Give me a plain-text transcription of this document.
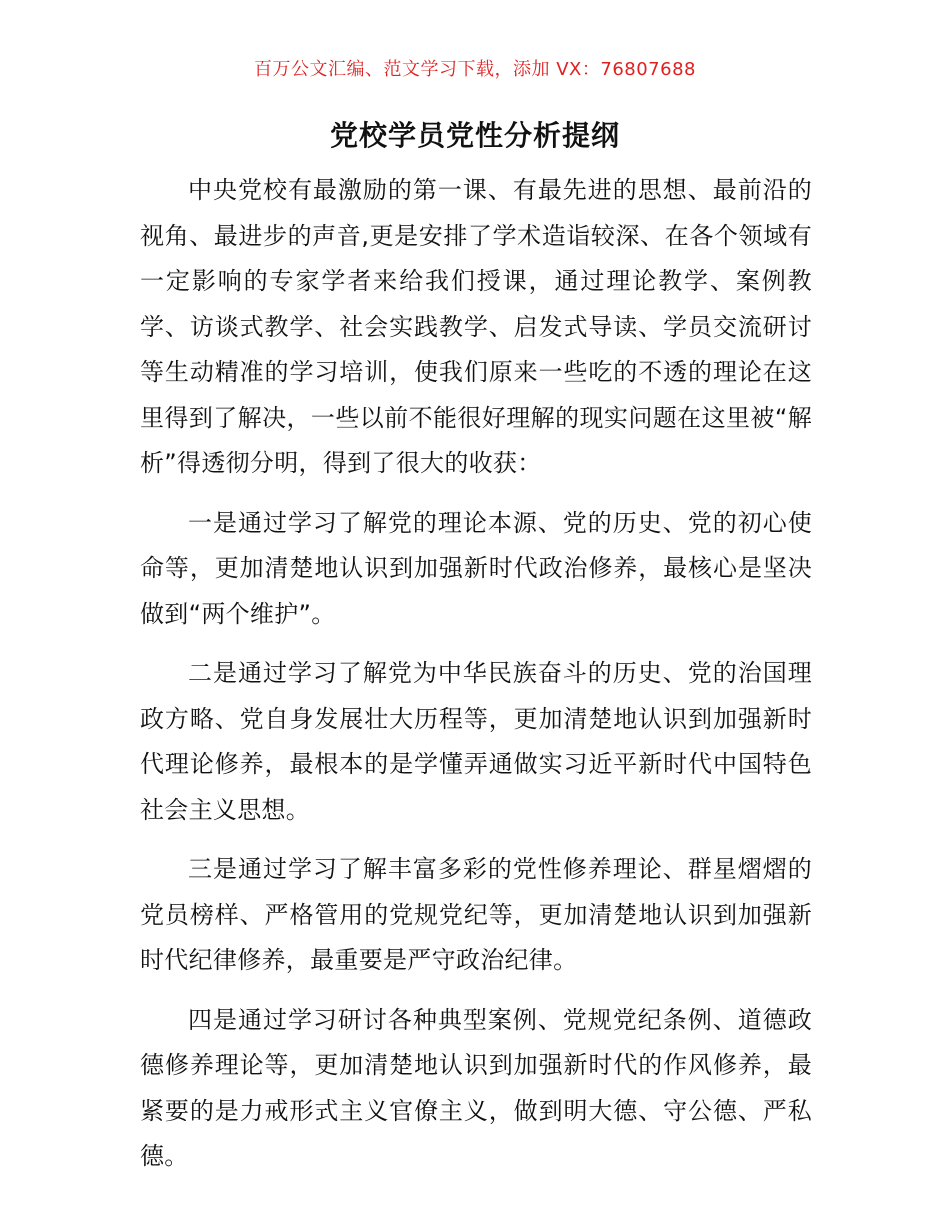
百万公文汇编、范文学习下载，添加 VX：76807688
党校学员党性分析提纲

中央党校有最激励的第一课、有最先进的思想、最前沿的视角、最进步的声音,更是安排了学术造诣较深、在各个领域有一定影响的专家学者来给我们授课，通过理论教学、案例教学、访谈式教学、社会实践教学、启发式导读、学员交流研讨等生动精准的学习培训，使我们原来一些吃的不透的理论在这里得到了解决，一些以前不能很好理解的现实问题在这里被“解析”得透彻分明，得到了很大的收获：

一是通过学习了解党的理论本源、党的历史、党的初心使命等，更加清楚地认识到加强新时代政治修养，最核心是坚决做到“两个维护”。

二是通过学习了解党为中华民族奋斗的历史、党的治国理政方略、党自身发展壮大历程等，更加清楚地认识到加强新时代理论修养，最根本的是学懂弄通做实习近平新时代中国特色社会主义思想。

三是通过学习了解丰富多彩的党性修养理论、群星熠熠的党员榜样、严格管用的党规党纪等，更加清楚地认识到加强新时代纪律修养，最重要是严守政治纪律。

四是通过学习研讨各种典型案例、党规党纪条例、道德政德修养理论等，更加清楚地认识到加强新时代的作风修养，最紧要的是力戒形式主义官僚主义，做到明大德、守公德、严私德。
